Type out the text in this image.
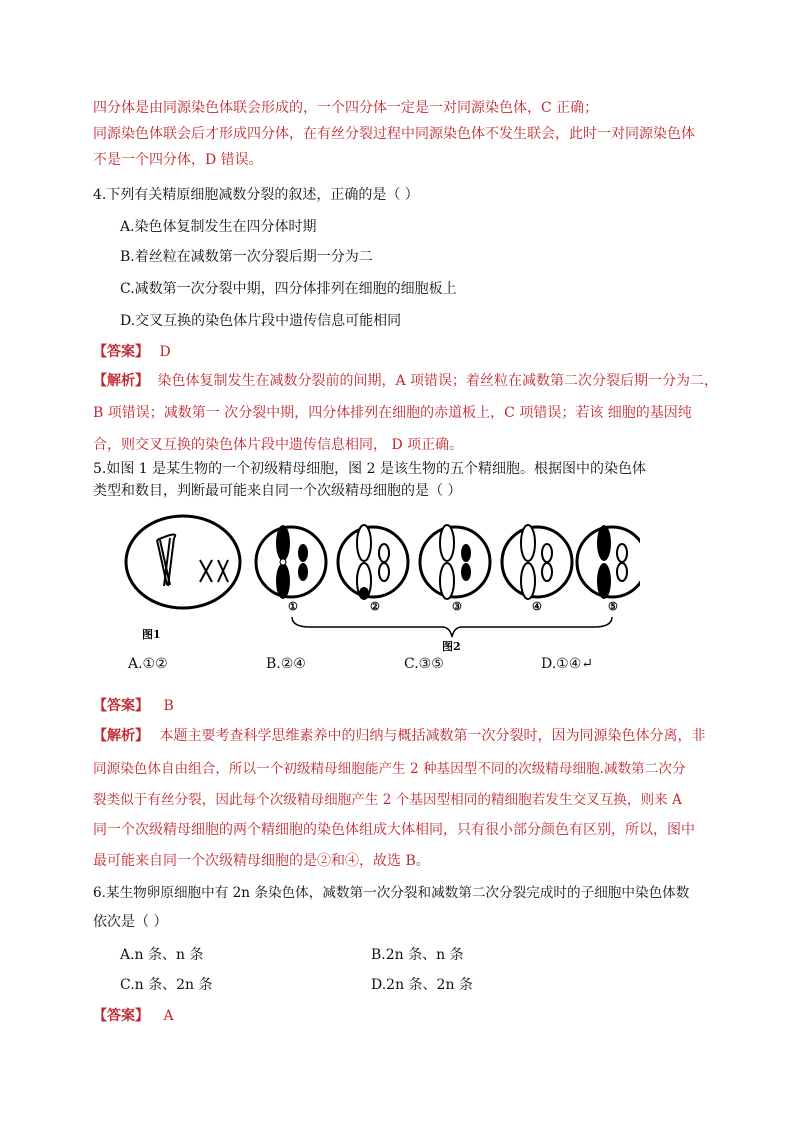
四分体是由同源染色体联会形成的，一个四分体一定是一对同源染色体，C 正确；
同源染色体联会后才形成四分体，在有丝分裂过程中同源染色体不发生联会，此时一对同源染色体
不是一个四分体，D 错误。
4.下列有关精原细胞减数分裂的叙述，正确的是（ ）
A.染色体复制发生在四分体时期
B.着丝粒在减数第一次分裂后期一分为二
C.减数第一次分裂中期，四分体排列在细胞的细胞板上
D.交叉互换的染色体片段中遗传信息可能相同
【答案】 D
【解析】 染色体复制发生在减数分裂前的间期，A 项错误；着丝粒在减数第二次分裂后期一分为二，
B 项错误；减数第一 次分裂中期，四分体排列在细胞的赤道板上，C 项错误；若该 细胞的基因纯
合，则交叉互换的染色体片段中遗传信息相同， D 项正确。
5.如图 1 是某生物的一个初级精母细胞，图 2 是该生物的五个精细胞。根据图中的染色体
类型和数目，判断最可能来自同一个次级精母细胞的是（ ）
①	②	③	④	⑤
图1
图2
A.①②	B.②④	C.③⑤	D.①④↵
【答案】 B
【解析】 本题主要考查科学思维素养中的归纳与概括减数第一次分裂时，因为同源染色体分离，非
同源染色体自由组合，所以一个初级精母细胞能产生 2 种基因型不同的次级精母细胞.减数第二次分
裂类似于有丝分裂，因此每个次级精母细胞产生 2 个基因型相同的精细胞若发生交叉互换，则来 A
同一个次级精母细胞的两个精细胞的染色体组成大体相同，只有很小部分颜色有区别，所以，图中
最可能来自同一个次级精母细胞的是②和④，故选 B。
6.某生物卵原细胞中有 2n 条染色体，减数第一次分裂和减数第二次分裂完成时的子细胞中染色体数
依次是（ ）
A.n 条、n 条	B.2n 条、n 条
C.n 条、2n 条	D.2n 条、2n 条
【答案】 A
